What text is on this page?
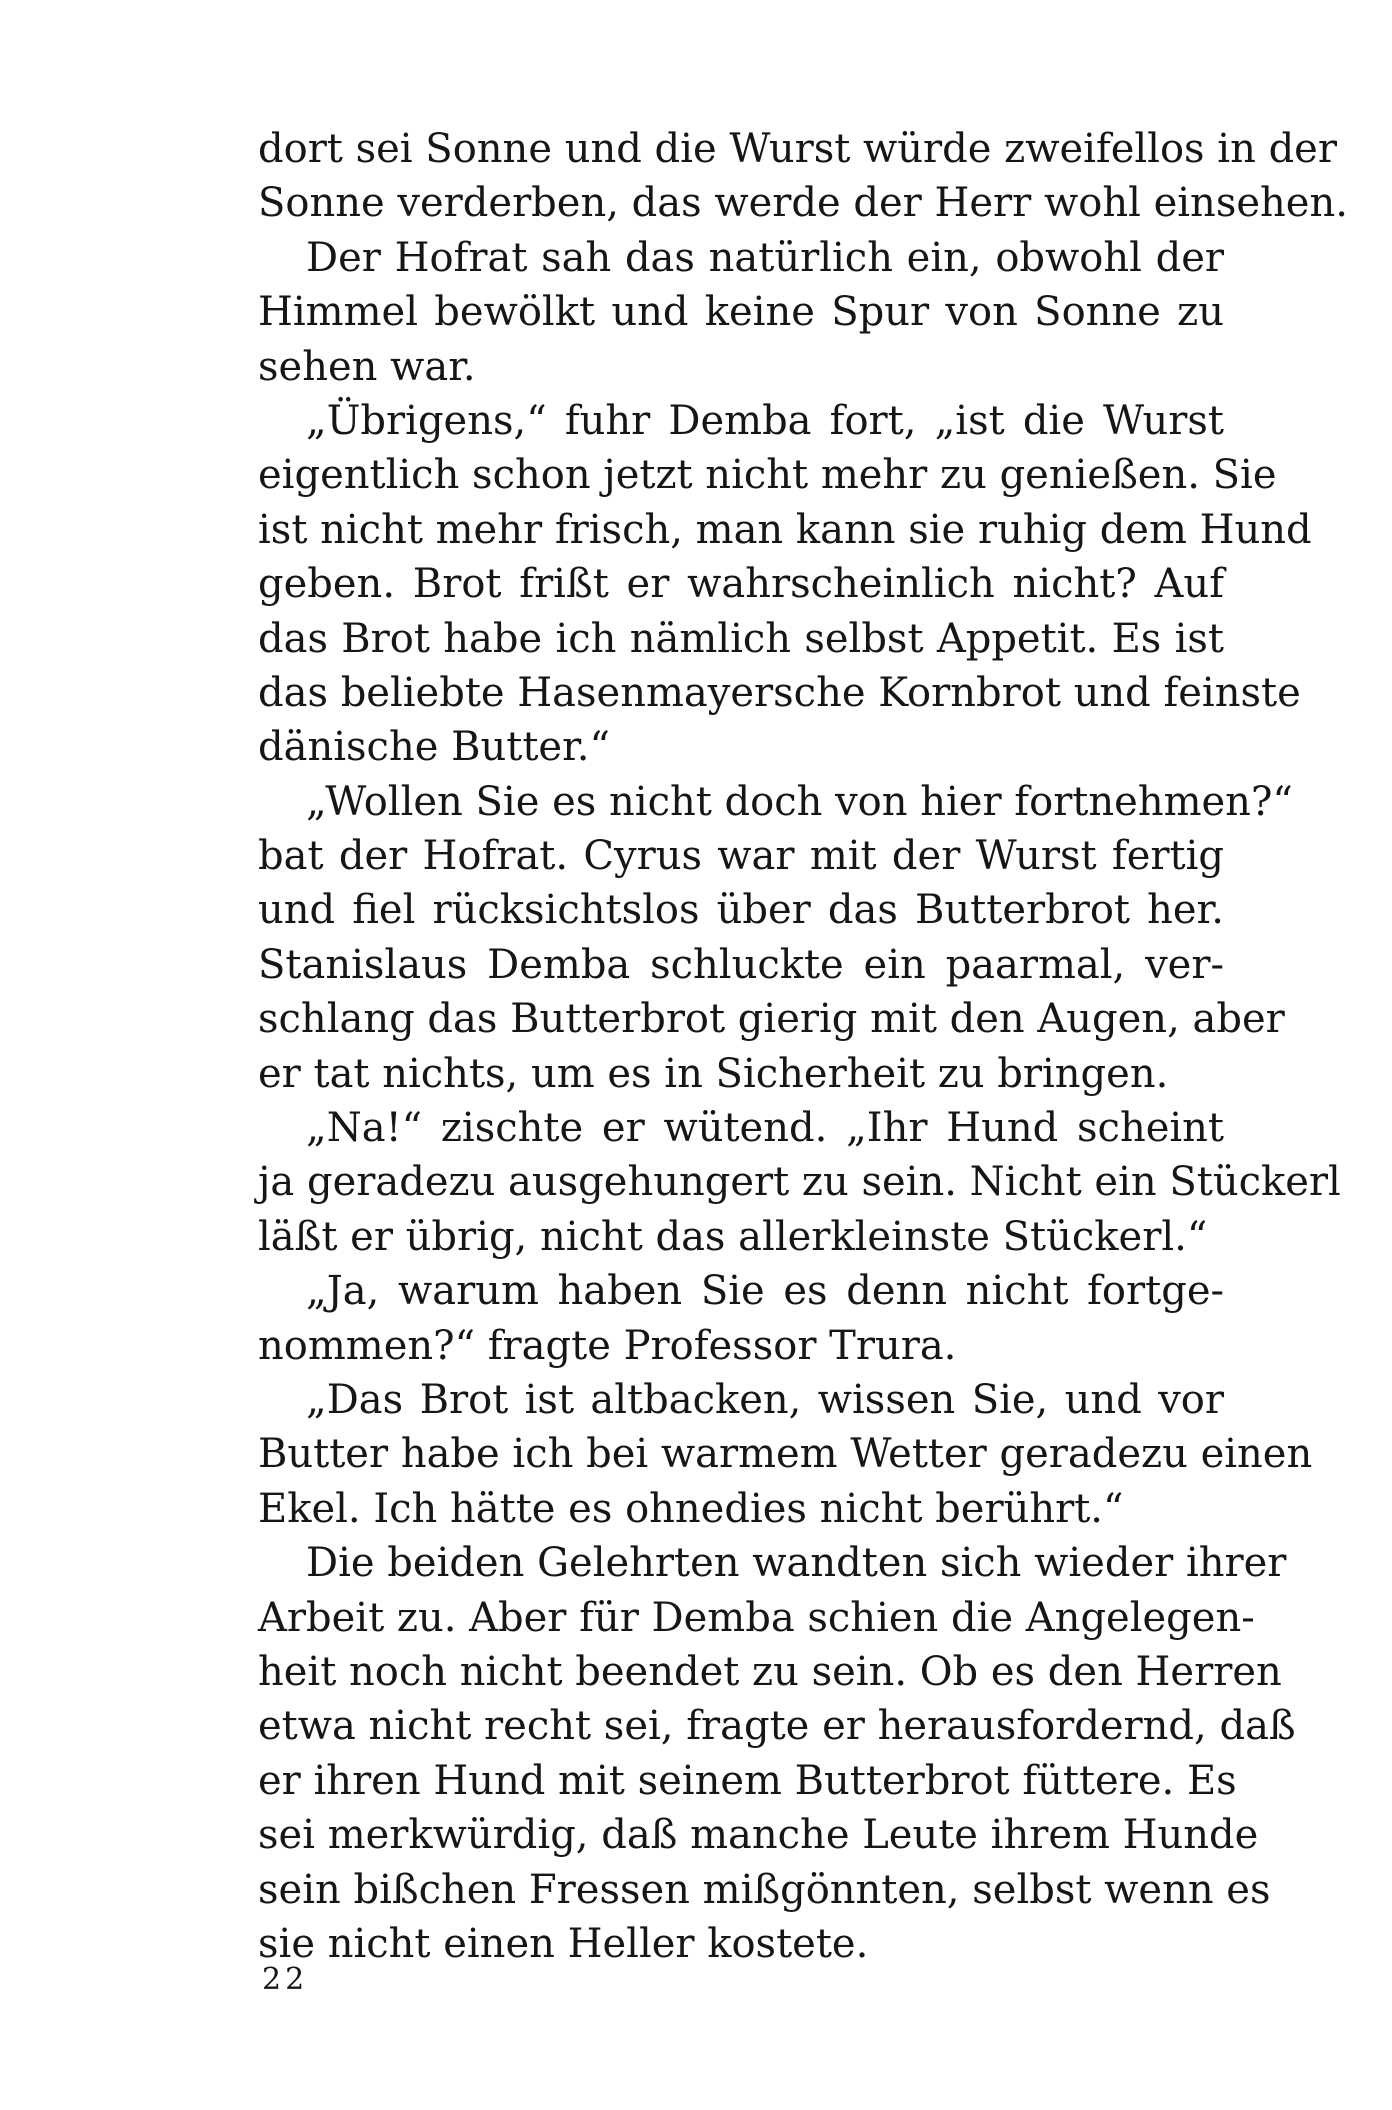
dort sei Sonne und die Wurst würde zweifellos in der
Sonne verderben, das werde der Herr wohl einsehen.
Der Hofrat sah das natürlich ein, obwohl der
Himmel bewölkt und keine Spur von Sonne zu
sehen war.
„Übrigens,“ fuhr Demba fort, „ist die Wurst
eigentlich schon jetzt nicht mehr zu genießen. Sie
ist nicht mehr frisch, man kann sie ruhig dem Hund
geben. Brot frißt er wahrscheinlich nicht? Auf
das Brot habe ich nämlich selbst Appetit. Es ist
das beliebte Hasenmayersche Kornbrot und feinste
dänische Butter.“
„Wollen Sie es nicht doch von hier fortnehmen?“
bat der Hofrat. Cyrus war mit der Wurst fertig
und fiel rücksichtslos über das Butterbrot her.
Stanislaus Demba schluckte ein paarmal, ver-
schlang das Butterbrot gierig mit den Augen, aber
er tat nichts, um es in Sicherheit zu bringen.
„Na!“ zischte er wütend. „Ihr Hund scheint
ja geradezu ausgehungert zu sein. Nicht ein Stückerl
läßt er übrig, nicht das allerkleinste Stückerl.“
„Ja, warum haben Sie es denn nicht fortge-
nommen?“ fragte Professor Trura.
„Das Brot ist altbacken, wissen Sie, und vor
Butter habe ich bei warmem Wetter geradezu einen
Ekel. Ich hätte es ohnedies nicht berührt.“
Die beiden Gelehrten wandten sich wieder ihrer
Arbeit zu. Aber für Demba schien die Angelegen-
heit noch nicht beendet zu sein. Ob es den Herren
etwa nicht recht sei, fragte er herausfordernd, daß
er ihren Hund mit seinem Butterbrot füttere. Es
sei merkwürdig, daß manche Leute ihrem Hunde
sein bißchen Fressen mißgönnten, selbst wenn es
sie nicht einen Heller kostete.
22
